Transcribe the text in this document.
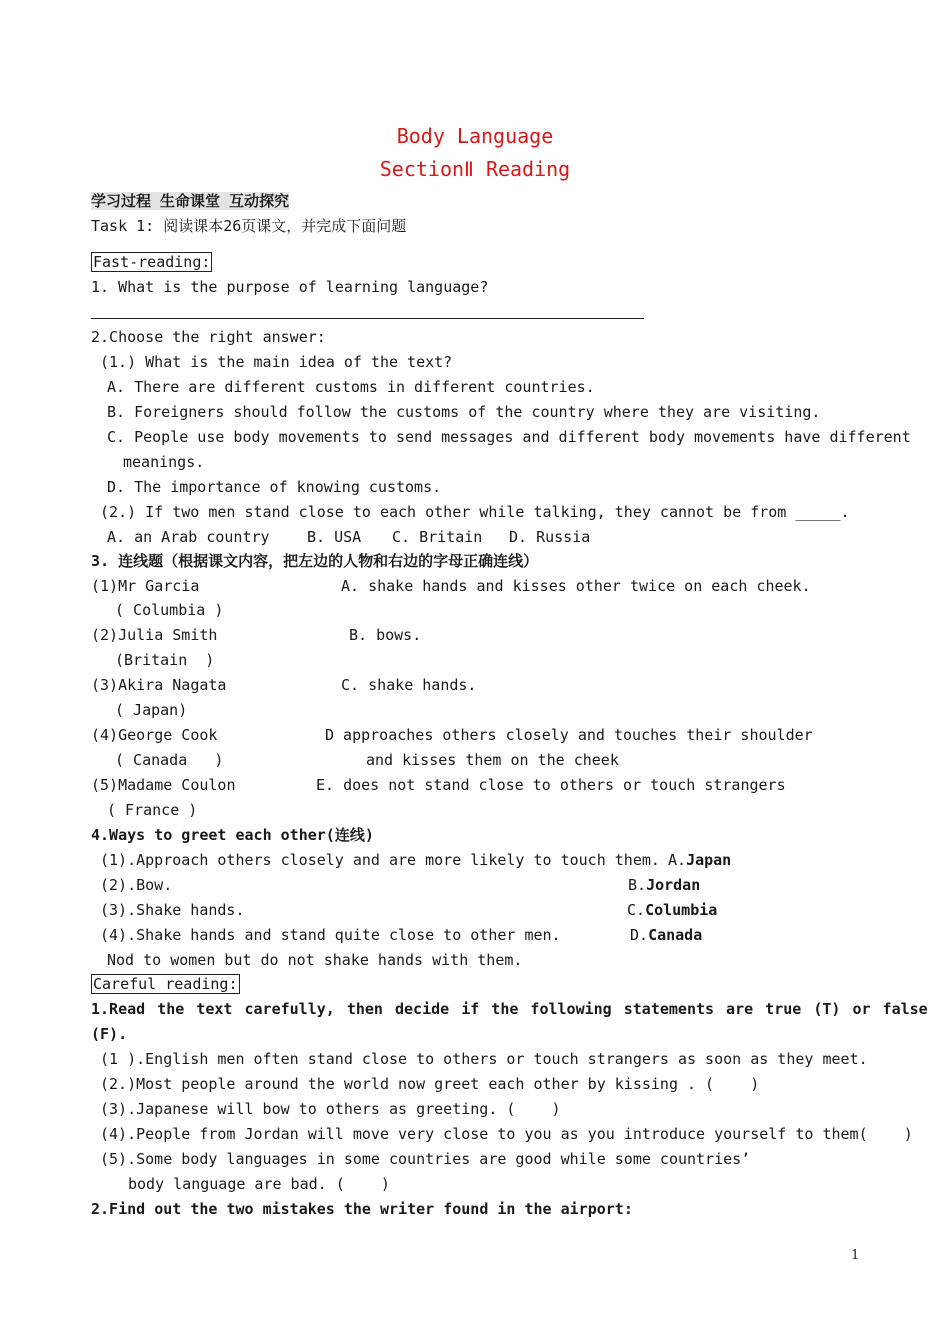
Body Language
SectionⅡ Reading
学习过程 生命课堂 互动探究
Task 1: 阅读课本26页课文，并完成下面问题
Fast-reading:
1. What is the purpose of learning language?
2.Choose the right answer:
(1.) What is the main idea of the text?
A. There are different customs in different countries.
B. Foreigners should follow the customs of the country where they are visiting.
C. People use body movements to send messages and different body movements have different
meanings.
D. The importance of knowing customs.
(2.) If two men stand close to each other while talking, they cannot be from _____.
A. an Arab country B. USA C. Britain D. Russia
3. 连线题（根据课文内容，把左边的人物和右边的字母正确连线）
(1)Mr Garcia
( Columbia )
(2)Julia Smith
(Britain  )
(3)Akira Nagata
( Japan)
(4)George Cook
( Canada   )
(5)Madame Coulon
( France )
A. shake hands and kisses other twice on each cheek.
B. bows.
C. shake hands.
D approaches others closely and touches their shoulder
and kisses them on the cheek
E. does not stand close to others or touch strangers
4.Ways to greet each other(连线)
(1).Approach others closely and are more likely to touch them.
(2).Bow.
(3).Shake hands.
(4).Shake hands and stand quite close to other men.
Nod to women but do not shake hands with them.
A.Japan
B.Jordan
C.Columbia
D.Canada
Careful reading:
1.Read the text carefully, then decide if the following statements are true (T) or false
(F).
(1 ).English men often stand close to others or touch strangers as soon as they meet.
(2.)Most people around the world now greet each other by kissing . (    )
(3).Japanese will bow to others as greeting. (    )
(4).People from Jordan will move very close to you as you introduce yourself to them(    )
(5).Some body languages in some countries are good while some countries’
body language are bad. (    )
2.Find out the two mistakes the writer found in the airport:
1
